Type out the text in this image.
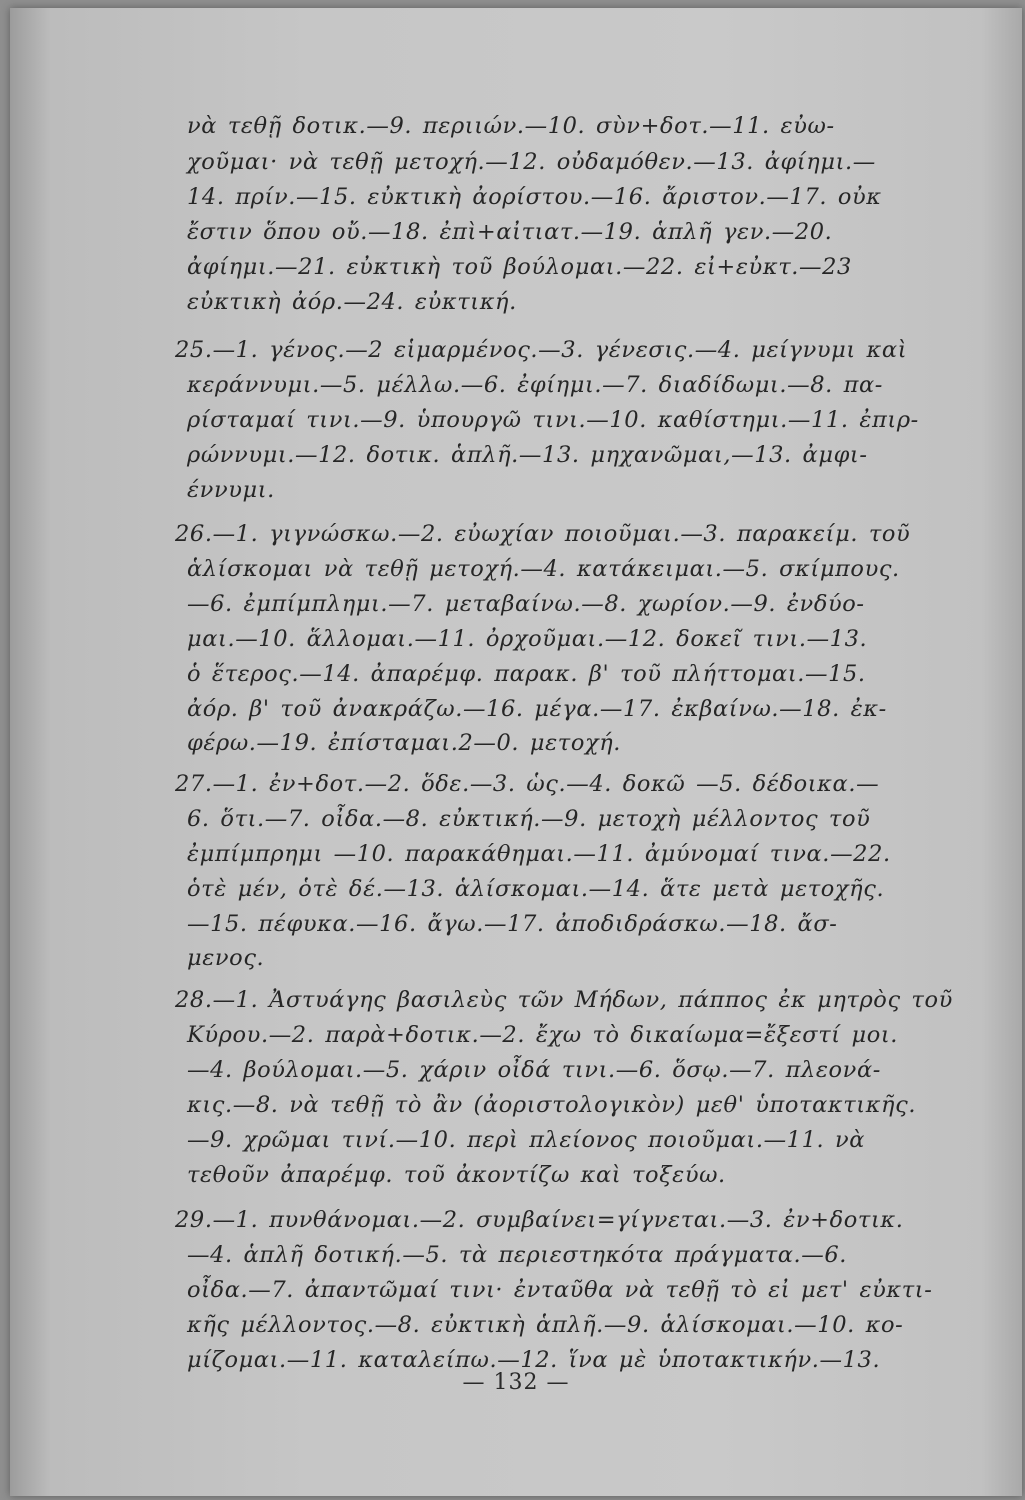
νὰ τεθῇ δοτικ.—9. περιιών.—10. σὺν+δοτ.—11. εὐω-
χοῦμαι· νὰ τεθῇ μετοχή.—12. οὐδαμόθεν.—13. ἀφίημι.—
14. πρίν.—15. εὐκτικὴ ἀορίστου.—16. ἄριστον.—17. οὐκ
ἔστιν ὅπου οὔ.—18. ἐπὶ+αἰτιατ.—19. ἁπλῆ γεν.—20.
ἀφίημι.—21. εὐκτικὴ τοῦ βούλομαι.—22. εἰ+εὐκτ.—23
εὐκτικὴ ἀόρ.—24. εὐκτική.
25.—1. γένος.—2 εἱμαρμένος.—3. γένεσις.—4. μείγνυμι καὶ
κεράννυμι.—5. μέλλω.—6. ἐφίημι.—7. διαδίδωμι.—8. πα-
ρίσταμαί τινι.—9. ὑπουργῶ τινι.—10. καθίστημι.—11. ἐπιρ-
ρώννυμι.—12. δοτικ. ἁπλῆ.—13. μηχανῶμαι,—13. ἀμφι-
έννυμι.
26.—1. γιγνώσκω.—2. εὐωχίαν ποιοῦμαι.—3. παρακείμ. τοῦ
ἁλίσκομαι νὰ τεθῇ μετοχή.—4. κατάκειμαι.—5. σκίμπους.
—6. ἐμπίμπλημι.—7. μεταβαίνω.—8. χωρίον.—9. ἐνδύο-
μαι.—10. ἅλλομαι.—11. ὀρχοῦμαι.—12. δοκεῖ τινι.—13.
ὁ ἕτερος.—14. ἀπαρέμφ. παρακ. β' τοῦ πλήττομαι.—15.
ἀόρ. β' τοῦ ἀνακράζω.—16. μέγα.—17. ἐκβαίνω.—18. ἐκ-
φέρω.—19. ἐπίσταμαι.2—0. μετοχή.
27.—1. ἐν+δοτ.—2. ὅδε.—3. ὡς.—4. δοκῶ —5. δέδοικα.—
6. ὅτι.—7. οἶδα.—8. εὐκτική.—9. μετοχὴ μέλλοντος τοῦ
ἐμπίμπρημι —10. παρακάθημαι.—11. ἀμύνομαί τινα.—22.
ὁτὲ μέν, ὁτὲ δέ.—13. ἁλίσκομαι.—14. ἅτε μετὰ μετοχῆς.
—15. πέφυκα.—16. ἄγω.—17. ἀποδιδράσκω.—18. ἄσ-
μενος.
28.—1. Ἀστυάγης βασιλεὺς τῶν Μήδων, πάππος ἐκ μητρὸς τοῦ
Κύρου.—2. παρὰ+δοτικ.—2. ἔχω τὸ δικαίωμα=ἔξεστί μοι.
—4. βούλομαι.—5. χάριν οἶδά τινι.—6. ὅσῳ.—7. πλεονά-
κις.—8. νὰ τεθῇ τὸ ἂν (ἀοριστολογικὸν) μεθ' ὑποτακτικῆς.
—9. χρῶμαι τινί.—10. περὶ πλείονος ποιοῦμαι.—11. νὰ
τεθοῦν ἀπαρέμφ. τοῦ ἀκοντίζω καὶ τοξεύω.
29.—1. πυνθάνομαι.—2. συμβαίνει=γίγνεται.—3. ἐν+δοτικ.
—4. ἁπλῆ δοτική.—5. τὰ περιεστηκότα πράγματα.—6.
οἶδα.—7. ἀπαντῶμαί τινι· ἐνταῦθα νὰ τεθῇ τὸ εἰ μετ' εὐκτι-
κῆς μέλλοντος.—8. εὐκτικὴ ἁπλῆ.—9. ἁλίσκομαι.—10. κο-
μίζομαι.—11. καταλείπω.—12. ἵνα μὲ ὑποτακτικήν.—13.
— 132 —
